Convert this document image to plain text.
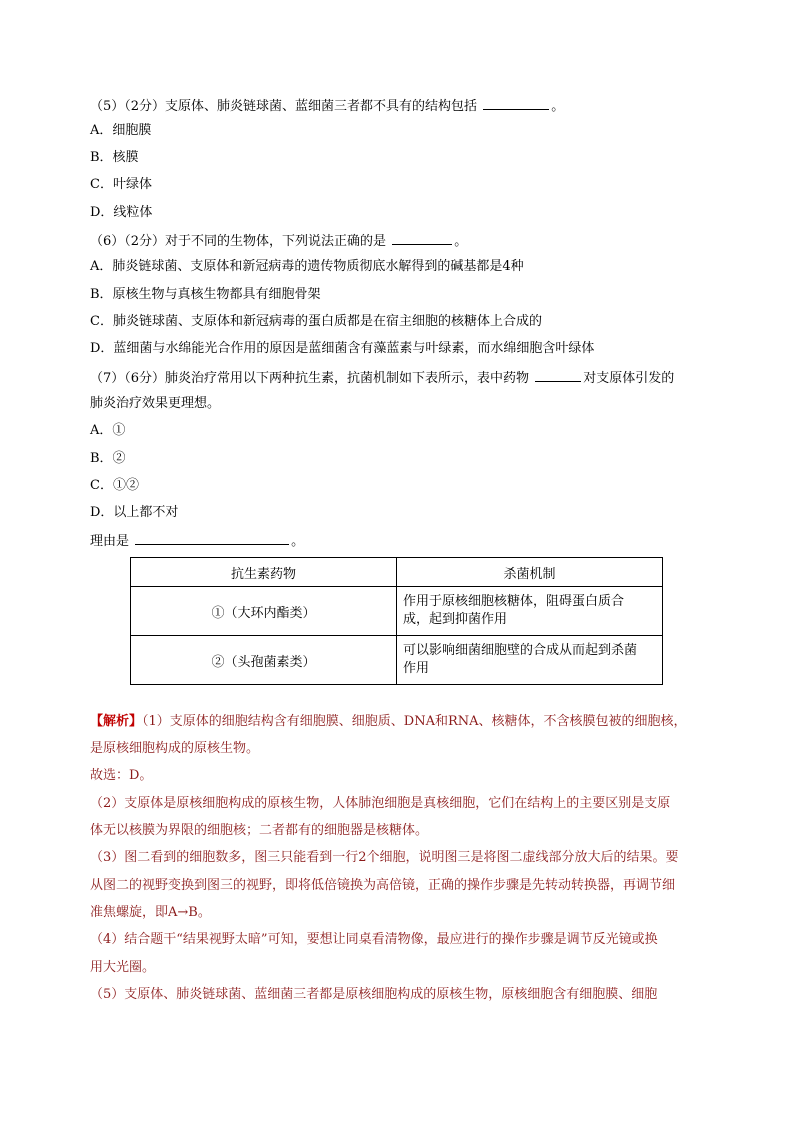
（5）（2分）支原体、肺炎链球菌、蓝细菌三者都不具有的结构包括	。
A．细胞膜
B．核膜
C．叶绿体
D．线粒体
（6）（2分）对于不同的生物体，下列说法正确的是	。
A．肺炎链球菌、支原体和新冠病毒的遗传物质彻底水解得到的碱基都是4种
B．原核生物与真核生物都具有细胞骨架
C．肺炎链球菌、支原体和新冠病毒的蛋白质都是在宿主细胞的核糖体上合成的
D．蓝细菌与水绵能光合作用的原因是蓝细菌含有藻蓝素与叶绿素，而水绵细胞含叶绿体
（7）（6分）肺炎治疗常用以下两种抗生素，抗菌机制如下表所示，表中药物	对支原体引发的
肺炎治疗效果更理想。
A．①
B．②
C．①②
D．以上都不对
理由是	。
抗生素药物	杀菌机制
①（大环内酯类）	作用于原核细胞核糖体，阻碍蛋白质合
成，起到抑菌作用

②（头孢菌素类）	可以影响细菌细胞壁的合成从而起到杀菌
作用
【解析】（1）支原体的细胞结构含有细胞膜、细胞质、DNA和RNA、核糖体，不含核膜包被的细胞核，
是原核细胞构成的原核生物。
故选：D。
（2）支原体是原核细胞构成的原核生物，人体肺泡细胞是真核细胞，它们在结构上的主要区别是支原
体无以核膜为界限的细胞核；二者都有的细胞器是核糖体。
（3）图二看到的细胞数多，图三只能看到一行2个细胞，说明图三是将图二虚线部分放大后的结果。要
从图二的视野变换到图三的视野，即将低倍镜换为高倍镜，正确的操作步骤是先转动转换器，再调节细
准焦螺旋，即A→B。
（4）结合题干“结果视野太暗”可知，要想让同桌看清物像，最应进行的操作步骤是调节反光镜或换
用大光圈。
（5）支原体、肺炎链球菌、蓝细菌三者都是原核细胞构成的原核生物，原核细胞含有细胞膜、细胞
